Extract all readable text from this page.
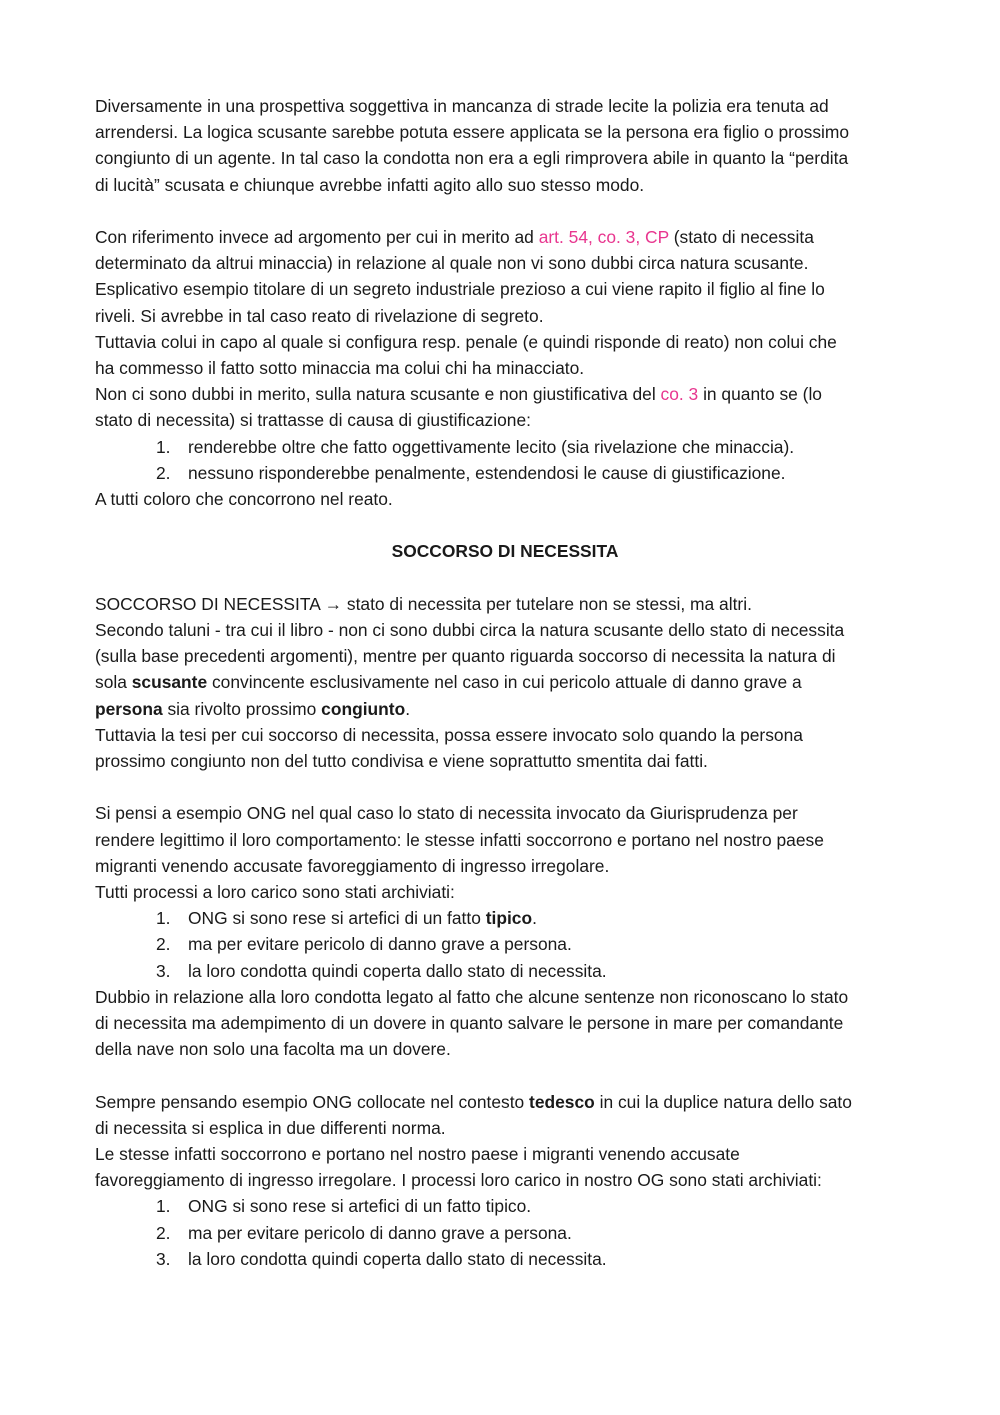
Diversamente in una prospettiva soggettiva in mancanza di strade lecite la polizia era tenuta ad
arrendersi. La logica scusante sarebbe potuta essere applicata se la persona era figlio o prossimo
congiunto di un agente. In tal caso la condotta non era a egli rimprovera abile in quanto la “perdita
di lucità” scusata e chiunque avrebbe infatti agito allo suo stesso modo.
Con riferimento invece ad argomento per cui in merito ad art. 54, co. 3, CP (stato di necessita
determinato da altrui minaccia) in relazione al quale non vi sono dubbi circa natura scusante.
Esplicativo esempio titolare di un segreto industriale prezioso a cui viene rapito il figlio al fine lo
riveli. Si avrebbe in tal caso reato di rivelazione di segreto.
Tuttavia colui in capo al quale si configura resp. penale (e quindi risponde di reato) non colui che
ha commesso il fatto sotto minaccia ma colui chi ha minacciato.
Non ci sono dubbi in merito, sulla natura scusante e non giustificativa del co. 3 in quanto se (lo
stato di necessita) si trattasse di causa di giustificazione:
1. renderebbe oltre che fatto oggettivamente lecito (sia rivelazione che minaccia).
2. nessuno risponderebbe penalmente, estendendosi le cause di giustificazione.
A tutti coloro che concorrono nel reato.
SOCCORSO DI NECESSITA
SOCCORSO DI NECESSITA → stato di necessita per tutelare non se stessi, ma altri.
Secondo taluni - tra cui il libro - non ci sono dubbi circa la natura scusante dello stato di necessita
(sulla base precedenti argomenti), mentre per quanto riguarda soccorso di necessita la natura di
sola scusante convincente esclusivamente nel caso in cui pericolo attuale di danno grave a
persona sia rivolto prossimo congiunto.
Tuttavia la tesi per cui soccorso di necessita, possa essere invocato solo quando la persona
prossimo congiunto non del tutto condivisa e viene soprattutto smentita dai fatti.
Si pensi a esempio ONG nel qual caso lo stato di necessita invocato da Giurisprudenza per
rendere legittimo il loro comportamento: le stesse infatti soccorrono e portano nel nostro paese
migranti venendo accusate favoreggiamento di ingresso irregolare.
Tutti processi a loro carico sono stati archiviati:
1. ONG si sono rese si artefici di un fatto tipico.
2. ma per evitare pericolo di danno grave a persona.
3. la loro condotta quindi coperta dallo stato di necessita.
Dubbio in relazione alla loro condotta legato al fatto che alcune sentenze non riconoscano lo stato
di necessita ma adempimento di un dovere in quanto salvare le persone in mare per comandante
della nave non solo una facolta ma un dovere.
Sempre pensando esempio ONG collocate nel contesto tedesco in cui la duplice natura dello sato
di necessita si esplica in due differenti norma.
Le stesse infatti soccorrono e portano nel nostro paese i migranti venendo accusate
favoreggiamento di ingresso irregolare. I processi loro carico in nostro OG sono stati archiviati:
1. ONG si sono rese si artefici di un fatto tipico.
2. ma per evitare pericolo di danno grave a persona.
3. la loro condotta quindi coperta dallo stato di necessita.
